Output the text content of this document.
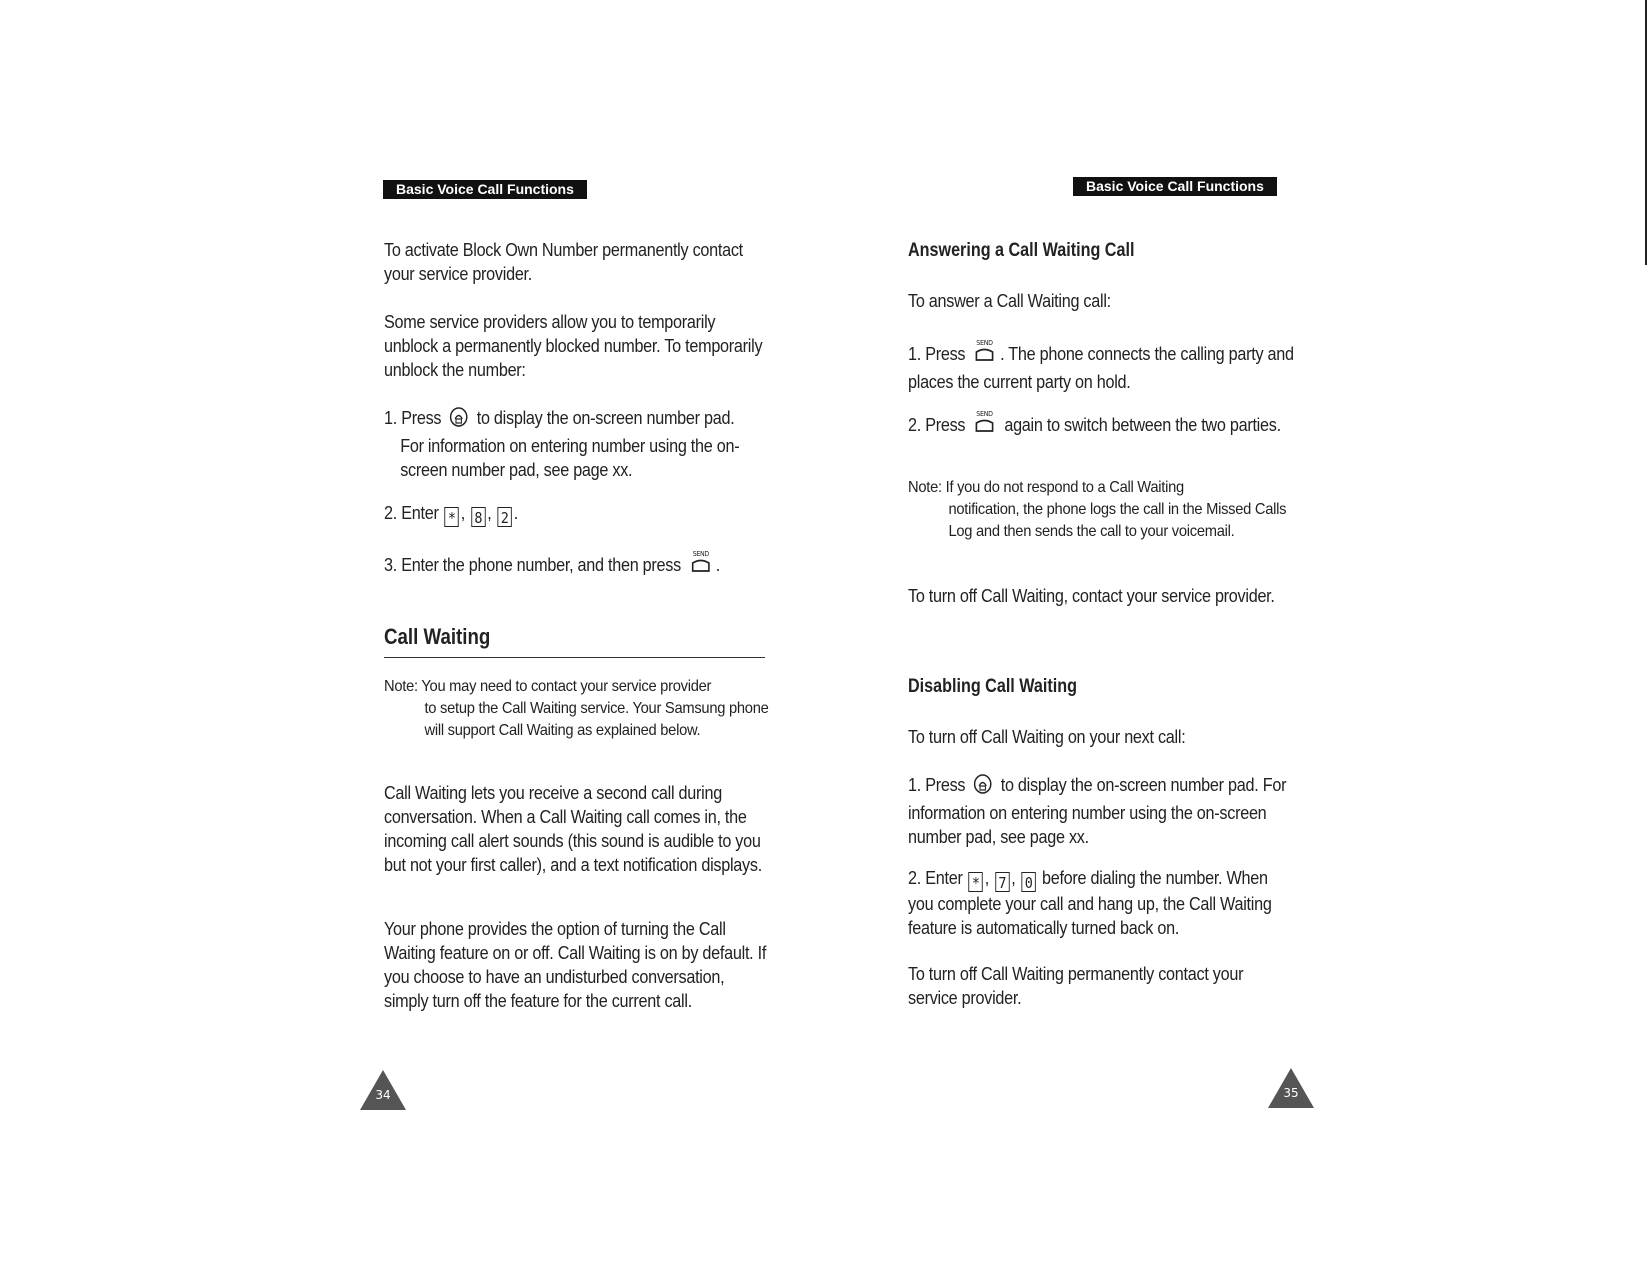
Basic Voice Call Functions
To activate Block Own Number permanently contact your service provider.
Some service providers allow you to temporarily unblock a permanently blocked number. To temporarily unblock the number:
1. Press to display the on-screen number pad.
For information on entering number using the on-screen number pad, see page xx.
2. Enter * , 8 , 2 .
3. Enter the phone number, and then press
SEND
.
Call Waiting
Note: You may need to contact your service provider
to setup the Call Waiting service. Your Samsung phone will support Call Waiting as explained below.
Call Waiting lets you receive a second call during conversation. When a Call Waiting call comes in, the incoming call alert sounds (this sound is audible to you but not your first caller), and a text notification displays.
Your phone provides the option of turning the Call Waiting feature on or off. Call Waiting is on by default. If you choose to have an undisturbed conversation, simply turn off the feature for the current call.
34
Basic Voice Call Functions
Answering a Call Waiting Call
To answer a Call Waiting call:
1. Press
SEND
. The phone connects the calling party and places the current party on hold.
2. Press
SEND
again to switch between the two parties.
Note: If you do not respond to a Call Waiting
notification, the phone logs the call in the Missed Calls Log and then sends the call to your voicemail.
To turn off Call Waiting, contact your service provider.
Disabling Call Waiting
To turn off Call Waiting on your next call:
1. Press to display the on-screen number pad. For information on entering number using the on-screen number pad, see page xx.
2. Enter * , 7 , 0 before dialing the number. When you complete your call and hang up, the Call Waiting feature is automatically turned back on.
To turn off Call Waiting permanently contact your service provider.
35
